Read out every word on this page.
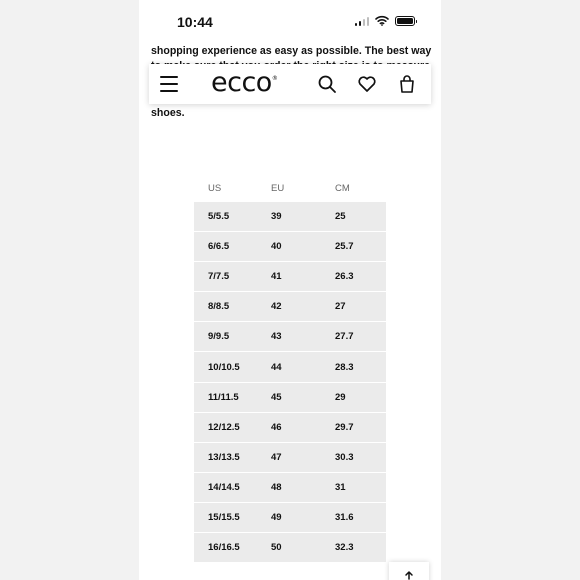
10:44

shopping experience as easy as possible. The best way

shoes.

ecco®
US	EU	CM
5/5.5	39	25
6/6.5	40	25.7
7/7.5	41	26.3
8/8.5	42	27
9/9.5	43	27.7
10/10.5	44	28.3
11/11.5	45	29
12/12.5	46	29.7
13/13.5	47	30.3
14/14.5	48	31
15/15.5	49	31.6
16/16.5	50	32.3
